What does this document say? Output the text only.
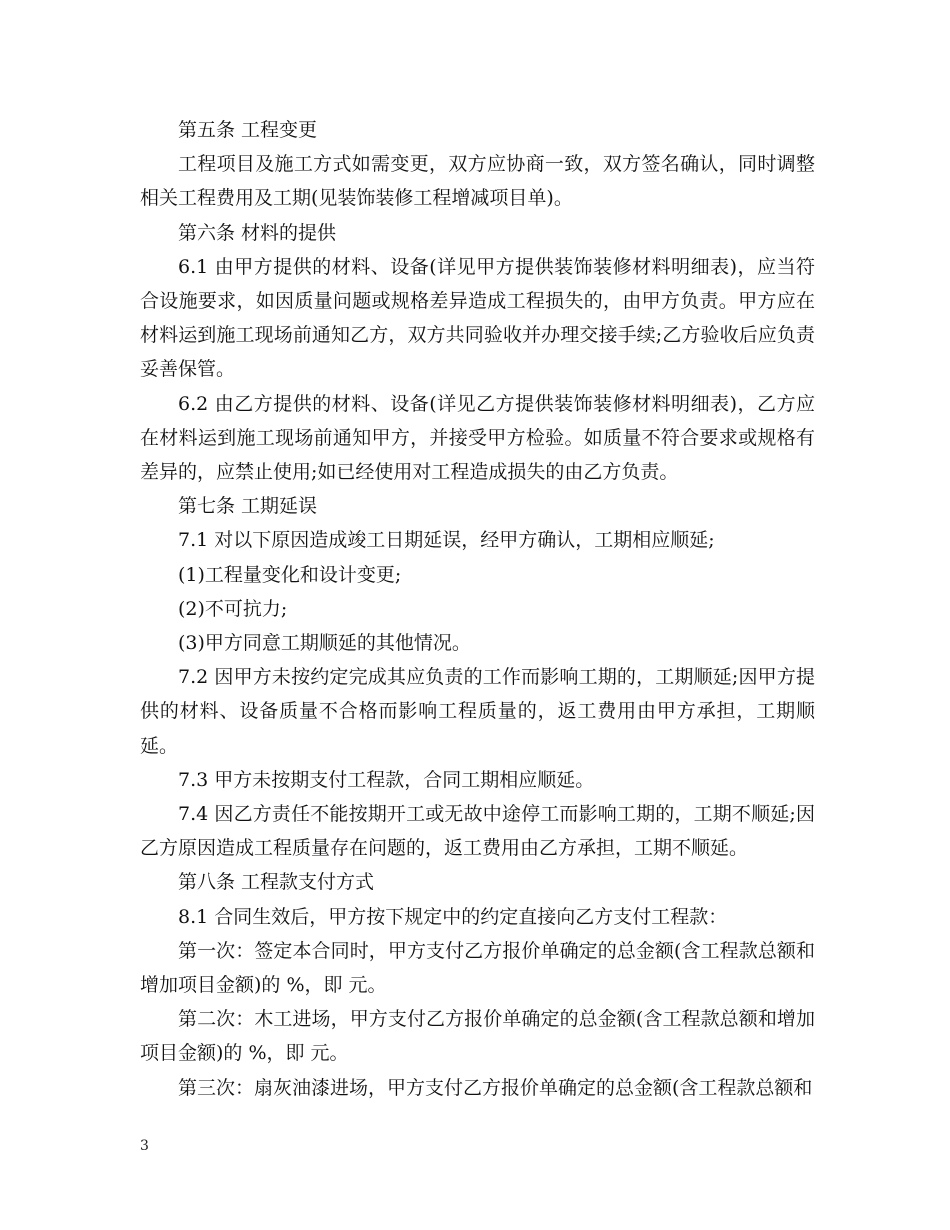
第五条 工程变更

工程项目及施工方式如需变更，双方应协商一致，双方签名确认，同时调整相关工程费用及工期(见装饰装修工程增减项目单)。

第六条 材料的提供

6.1 由甲方提供的材料、设备(详见甲方提供装饰装修材料明细表)，应当符合设施要求，如因质量问题或规格差异造成工程损失的，由甲方负责。甲方应在材料运到施工现场前通知乙方，双方共同验收并办理交接手续;乙方验收后应负责妥善保管。

6.2 由乙方提供的材料、设备(详见乙方提供装饰装修材料明细表)，乙方应在材料运到施工现场前通知甲方，并接受甲方检验。如质量不符合要求或规格有差异的，应禁止使用;如已经使用对工程造成损失的由乙方负责。

第七条 工期延误

7.1 对以下原因造成竣工日期延误，经甲方确认，工期相应顺延;

(1)工程量变化和设计变更;

(2)不可抗力;

(3)甲方同意工期顺延的其他情况。

7.2 因甲方未按约定完成其应负责的工作而影响工期的，工期顺延;因甲方提供的材料、设备质量不合格而影响工程质量的，返工费用由甲方承担，工期顺延。

7.3 甲方未按期支付工程款，合同工期相应顺延。

7.4 因乙方责任不能按期开工或无故中途停工而影响工期的，工期不顺延;因乙方原因造成工程质量存在问题的，返工费用由乙方承担，工期不顺延。

第八条 工程款支付方式

8.1 合同生效后，甲方按下规定中的约定直接向乙方支付工程款：

第一次：签定本合同时，甲方支付乙方报价单确定的总金额(含工程款总额和增加项目金额)的 %，即 元。

第二次：木工进场，甲方支付乙方报价单确定的总金额(含工程款总额和增加项目金额)的 %，即 元。

第三次：扇灰油漆进场，甲方支付乙方报价单确定的总金额(含工程款总额和

3
